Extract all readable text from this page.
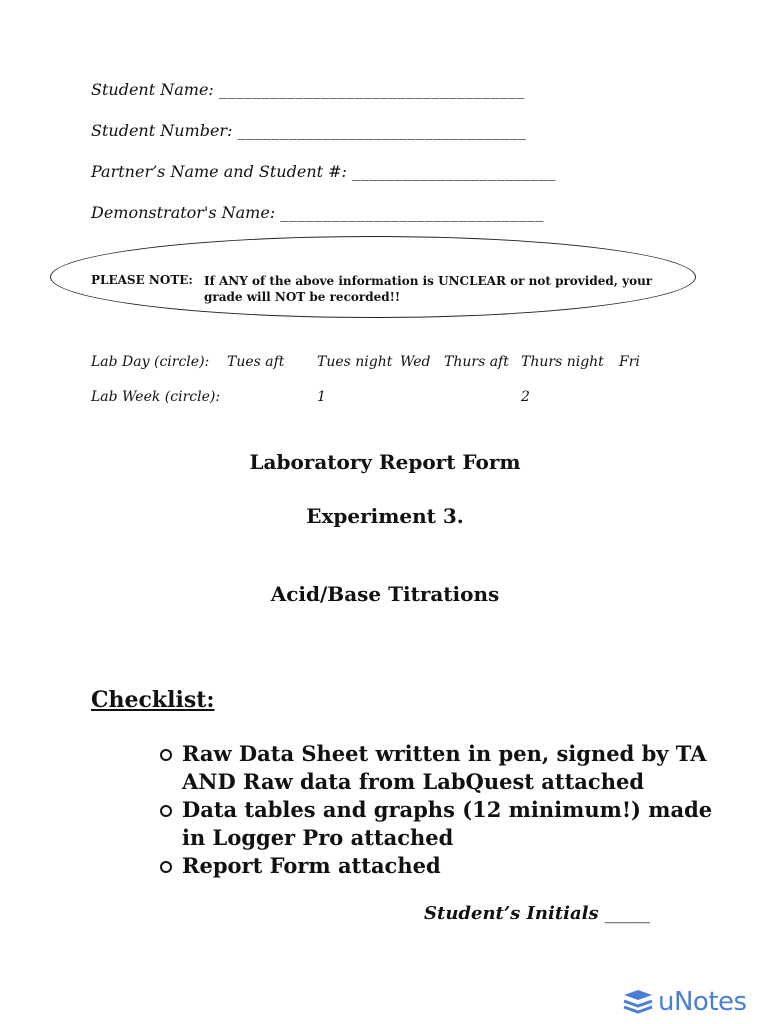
Student Name: ____________________________________
Student Number: __________________________________
Partner’s Name and Student #: ________________________
Demonstrator's Name: _______________________________
PLEASE NOTE: If ANY of the above information is UNCLEAR or not provided, your grade will NOT be recorded!!
Lab Day (circle): Tues aft Tues night Wed Thurs aft Thurs night Fri
Lab Week (circle):	1	2
Laboratory Report Form
Experiment 3.
Acid/Base Titrations
Checklist:
Raw Data Sheet written in pen, signed by TA AND Raw data from LabQuest attached
Data tables and graphs (12 minimum!) made in Logger Pro attached
Report Form attached
Student’s Initials _____
uNotes
